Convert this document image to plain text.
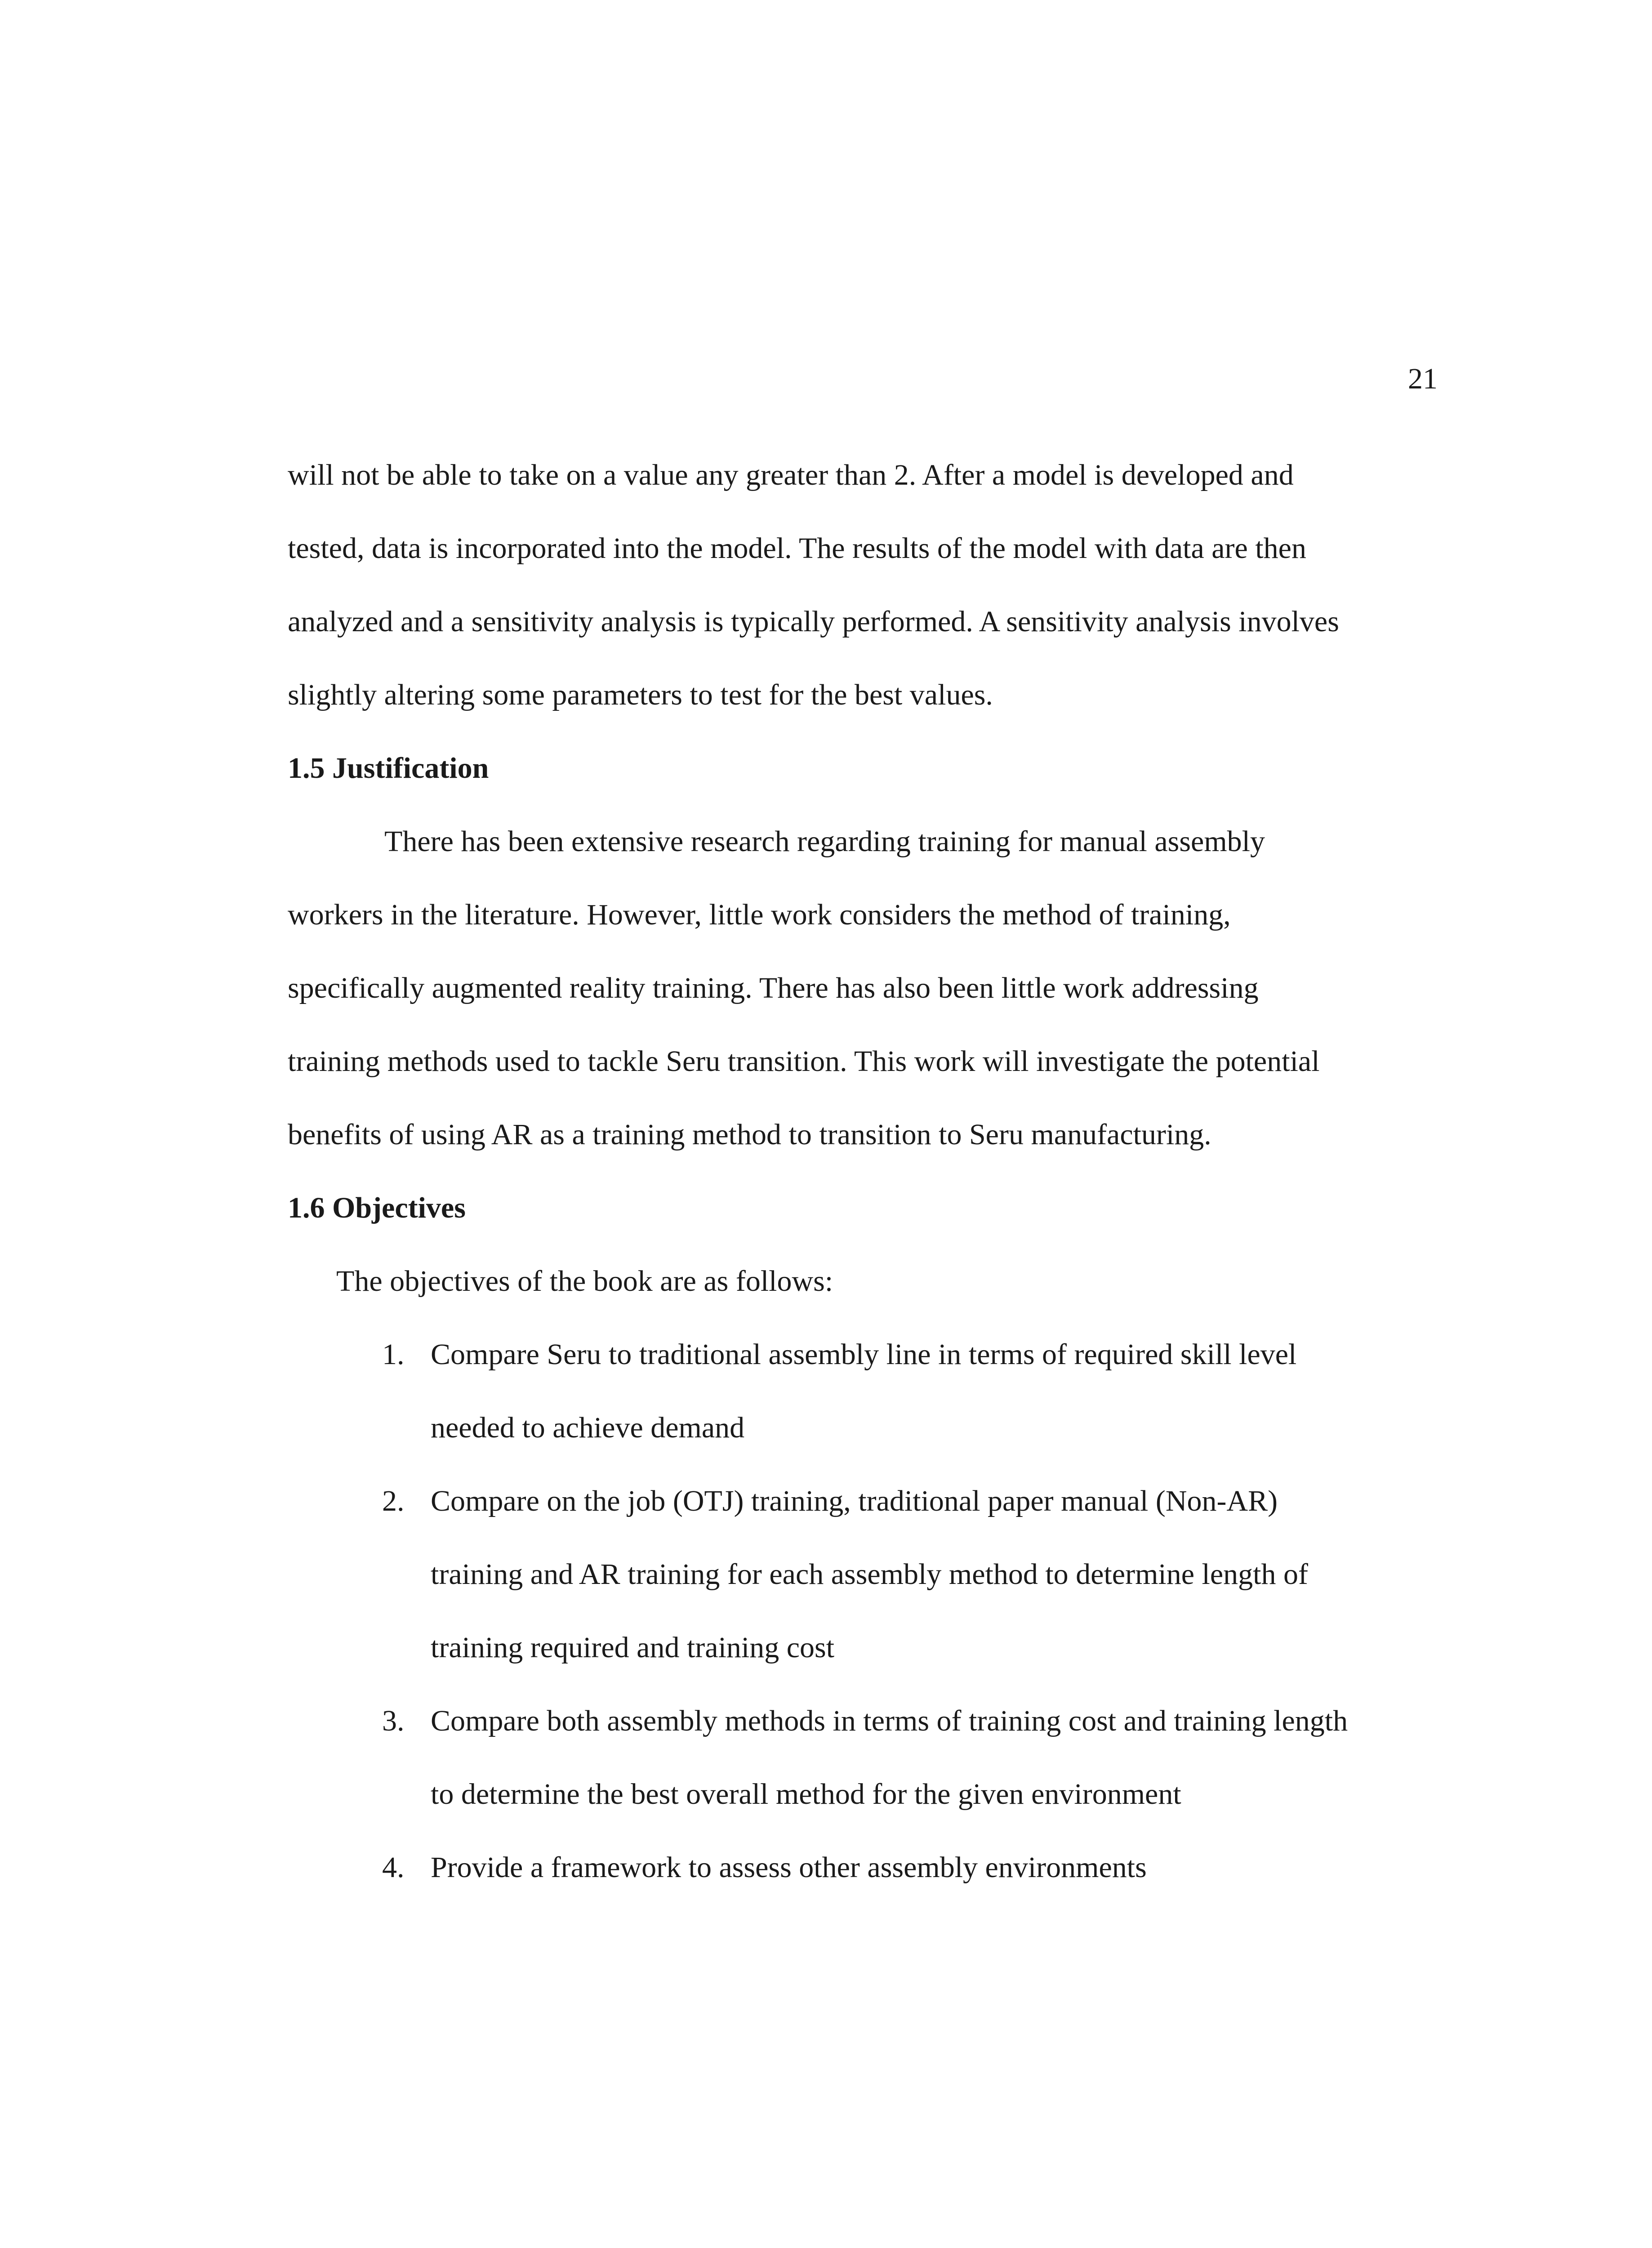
21
will not be able to take on a value any greater than 2. After a model is developed and
tested, data is incorporated into the model. The results of the model with data are then
analyzed and a sensitivity analysis is typically performed. A sensitivity analysis involves
slightly altering some parameters to test for the best values.
1.5 Justification
There has been extensive research regarding training for manual assembly
workers in the literature. However, little work considers the method of training,
specifically augmented reality training. There has also been little work addressing
training methods used to tackle Seru transition. This work will investigate the potential
benefits of using AR as a training method to transition to Seru manufacturing.
1.6 Objectives
The objectives of the book are as follows:
1. Compare Seru to traditional assembly line in terms of required skill level
needed to achieve demand
2. Compare on the job (OTJ) training, traditional paper manual (Non-AR)
training and AR training for each assembly method to determine length of
training required and training cost
3. Compare both assembly methods in terms of training cost and training length
to determine the best overall method for the given environment
4. Provide a framework to assess other assembly environments
